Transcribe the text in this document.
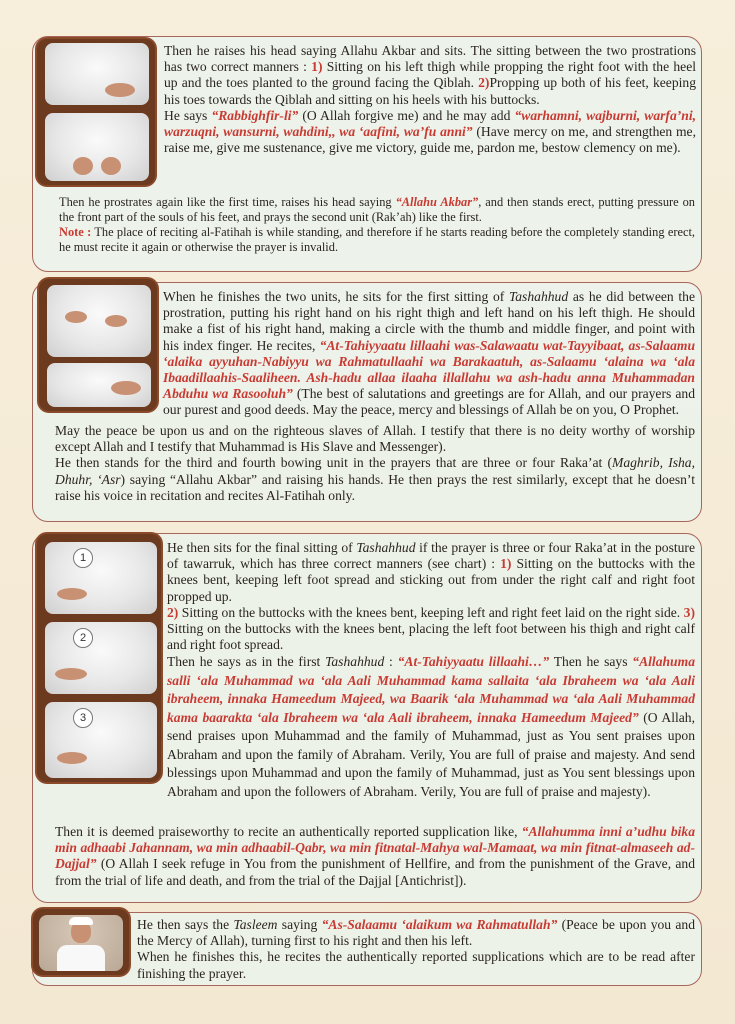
Then he raises his head saying Allahu Akbar and sits. The sitting between the two prostrations has two correct manners : 1) Sitting on his left thigh while propping the right foot with the heel up and the toes planted to the ground facing the Qiblah. 2)Propping up both of his feet, keeping his toes towards the Qiblah and sitting on his heels with his buttocks.

He says “Rabbighfir-li” (O Allah forgive me) and he may add “warhamni, wajburni, warfa’ni, warzuqni, wansurni, wahdini,, wa ‘aafini, wa’fu anni” (Have mercy on me, and strengthen me, raise me, give me sustenance, give me victory, guide me, pardon me, bestow clemency on me).

Then he prostrates again like the first time, raises his head saying “Allahu Akbar”, and then stands erect, putting pressure on the front part of the souls of his feet, and prays the second unit (Rak’ah) like the first.

Note : The place of reciting al-Fatihah is while standing, and therefore if he starts reading before the completely standing erect, he must recite it again or otherwise the prayer is invalid.

When he finishes the two units, he sits for the first sitting of Tashahhud as he did between the prostration, putting his right hand on his right thigh and left hand on his left thigh. He should make a fist of his right hand, making a circle with the thumb and middle finger, and point with his index finger. He recites, “At-Tahiyyaatu lillaahi was-Salawaatu wat-Tayyibaat, as-Salaamu ‘alaika ayyuhan-Nabiyyu wa Rahmatullaahi wa Barakaatuh, as-Salaamu ‘alaina wa ‘ala Ibaadillaahis-Saaliheen. Ash-hadu allaa ilaaha illallahu wa ash-hadu anna Muhammadan Abduhu wa Rasooluh” (The best of salutations and greetings are for Allah, and our prayers and our purest and good deeds. May the peace, mercy and blessings of Allah be on you, O Prophet.

May the peace be upon us and on the righteous slaves of Allah. I testify that there is no deity worthy of worship except Allah and I testify that Muhammad is His Slave and Messenger).

He then stands for the third and fourth bowing unit in the prayers that are three or four Raka’at (Maghrib, Isha, Dhuhr, ‘Asr) saying “Allahu Akbar” and raising his hands. He then prays the rest similarly, except that he doesn’t raise his voice in recitation and recites Al-Fatihah only.

1
2
3

He then sits for the final sitting of Tashahhud if the prayer is three or four Raka’at in the posture of tawarruk, which has three correct manners (see chart) : 1) Sitting on the buttocks with the knees bent, keeping left foot spread and sticking out from under the right calf and right foot propped up.

2) Sitting on the buttocks with the knees bent, keeping left and right feet laid on the right side. 3) Sitting on the buttocks with the knees bent, placing the left foot between his thigh and right calf and right foot spread.

Then he says as in the first Tashahhud : “At-Tahiyyaatu lillaahi…” Then he says “Allahuma salli ‘ala Muhammad wa ‘ala Aali Muhammad kama sallaita ‘ala Ibraheem wa ‘ala Aali ibraheem, innaka Hameedum Majeed, wa Baarik ‘ala Muhammad wa ‘ala Aali Muhammad kama baarakta ‘ala Ibraheem wa ‘ala Aali ibraheem, innaka Hameedum Majeed” (O Allah, send praises upon Muhammad and the family of Muhammad, just as You sent praises upon Abraham and upon the family of Abraham. Verily, You are full of praise and majesty. And send blessings upon Muhammad and upon the family of Muhammad, just as You sent blessings upon Abraham and upon the followers of Abraham. Verily, You are full of praise and majesty).

Then it is deemed praiseworthy to recite an authentically reported supplication like, “Allahumma inni a’udhu bika min adhaabi Jahannam, wa min adhaabil-Qabr, wa min fitnatal-Mahya wal-Mamaat, wa min fitnat-almaseeh ad-Dajjal” (O Allah I seek refuge in You from the punishment of Hellfire, and from the punishment of the Grave, and from the trial of life and death, and from the trial of the Dajjal [Antichrist]).

He then says the Tasleem saying “As-Salaamu ‘alaikum wa Rahmatullah” (Peace be upon you and the Mercy of Allah), turning first to his right and then his left.

When he finishes this, he recites the authentically reported supplications which are to be read after finishing the prayer.
